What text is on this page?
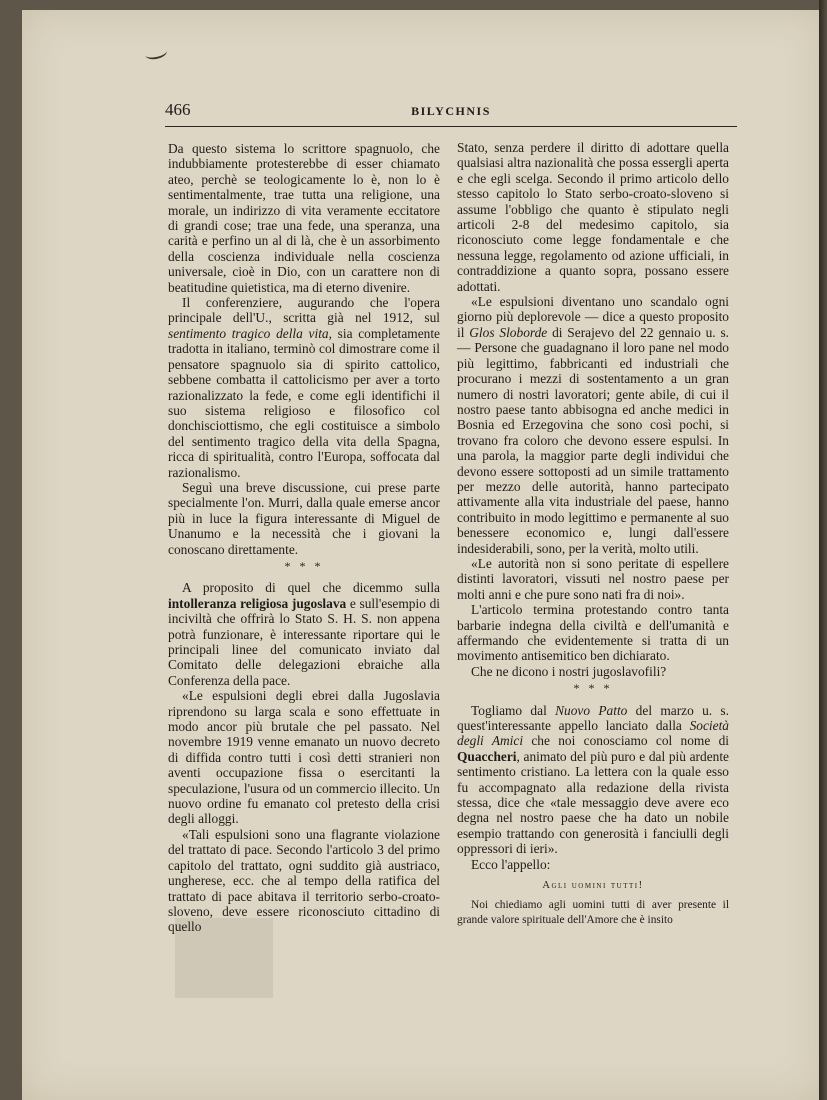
466	BILYCHNIS

Da questo sistema lo scrittore spagnuolo, che indubbiamente protesterebbe di esser chiamato ateo, perchè se teologicamente lo è, non lo è sentimentalmente, trae tutta una religione, una morale, un indirizzo di vita veramente eccitatore di grandi cose; trae una fede, una speranza, una carità e perfino un al di là, che è un assorbimento della coscienza individuale nella coscienza universale, cioè in Dio, con un carattere non di beatitudine quietistica, ma di eterno divenire.

Il conferenziere, augurando che l'opera principale dell'U., scritta già nel 1912, sul sentimento tragico della vita, sia completamente tradotta in italiano, terminò col dimostrare come il pensatore spagnuolo sia di spirito cattolico, sebbene combatta il cattolicismo per aver a torto razionalizzato la fede, e come egli identifichi il suo sistema religioso e filosofico col donchisciottismo, che egli costituisce a simbolo del sentimento tragico della vita della Spagna, ricca di spiritualità, contro l'Europa, soffocata dal razionalismo.

Seguì una breve discussione, cui prese parte specialmente l'on. Murri, dalla quale emerse ancor più in luce la figura interessante di Miguel de Unanumo e la necessità che i giovani la conoscano direttamente.

* * *

A proposito di quel che dicemmo sulla intolleranza religiosa jugoslava e sull'esempio di inciviltà che offrirà lo Stato S. H. S. non appena potrà funzionare, è interessante riportare qui le principali linee del comunicato inviato dal Comitato delle delegazioni ebraiche alla Conferenza della pace.

«Le espulsioni degli ebrei dalla Jugoslavia riprendono su larga scala e sono effettuate in modo ancor più brutale che pel passato. Nel novembre 1919 venne emanato un nuovo decreto di diffida contro tutti i così detti stranieri non aventi occupazione fissa o esercitanti la speculazione, l'usura od un commercio illecito. Un nuovo ordine fu emanato col pretesto della crisi degli alloggi.

«Tali espulsioni sono una flagrante violazione del trattato di pace. Secondo l'articolo 3 del primo capitolo del trattato, ogni suddito già austriaco, ungherese, ecc. che al tempo della ratifica del trattato di pace abitava il territorio serbo-croato-sloveno, deve essere riconosciuto cittadino di quello

Stato, senza perdere il diritto di adottare quella qualsiasi altra nazionalità che possa essergli aperta e che egli scelga. Secondo il primo articolo dello stesso capitolo lo Stato serbo-croato-sloveno si assume l'obbligo che quanto è stipulato negli articoli 2-8 del medesimo capitolo, sia riconosciuto come legge fondamentale e che nessuna legge, regolamento od azione ufficiali, in contraddizione a quanto sopra, possano essere adottati.

«Le espulsioni diventano uno scandalo ogni giorno più deplorevole — dice a questo proposito il Glos Sloborde di Serajevo del 22 gennaio u. s. — Persone che guadagnano il loro pane nel modo più legittimo, fabbricanti ed industriali che procurano i mezzi di sostentamento a un gran numero di nostri lavoratori; gente abile, di cui il nostro paese tanto abbisogna ed anche medici in Bosnia ed Erzegovina che sono così pochi, si trovano fra coloro che devono essere espulsi. In una parola, la maggior parte degli individui che devono essere sottoposti ad un simile trattamento per mezzo delle autorità, hanno partecipato attivamente alla vita industriale del paese, hanno contribuito in modo legittimo e permanente al suo benessere economico e, lungi dall'essere indesiderabili, sono, per la verità, molto utili.

«Le autorità non si sono peritate di espellere distinti lavoratori, vissuti nel nostro paese per molti anni e che pure sono nati fra di noi».

L'articolo termina protestando contro tanta barbarie indegna della civiltà e dell'umanità e affermando che evidentemente si tratta di un movimento antisemitico ben dichiarato.

Che ne dicono i nostri jugoslavofili?

* * *

Togliamo dal Nuovo Patto del marzo u. s. quest'interessante appello lanciato dalla Società degli Amici che noi conosciamo col nome di Quaccheri, animato del più puro e dal più ardente sentimento cristiano. La lettera con la quale esso fu accompagnato alla redazione della rivista stessa, dice che «tale messaggio deve avere eco degna nel nostro paese che ha dato un nobile esempio trattando con generosità i fanciulli degli oppressori di ieri».

Ecco l'appello:

Agli uomini tutti!

Noi chiediamo agli uomini tutti di aver presente il grande valore spirituale dell'Amore che è insito
